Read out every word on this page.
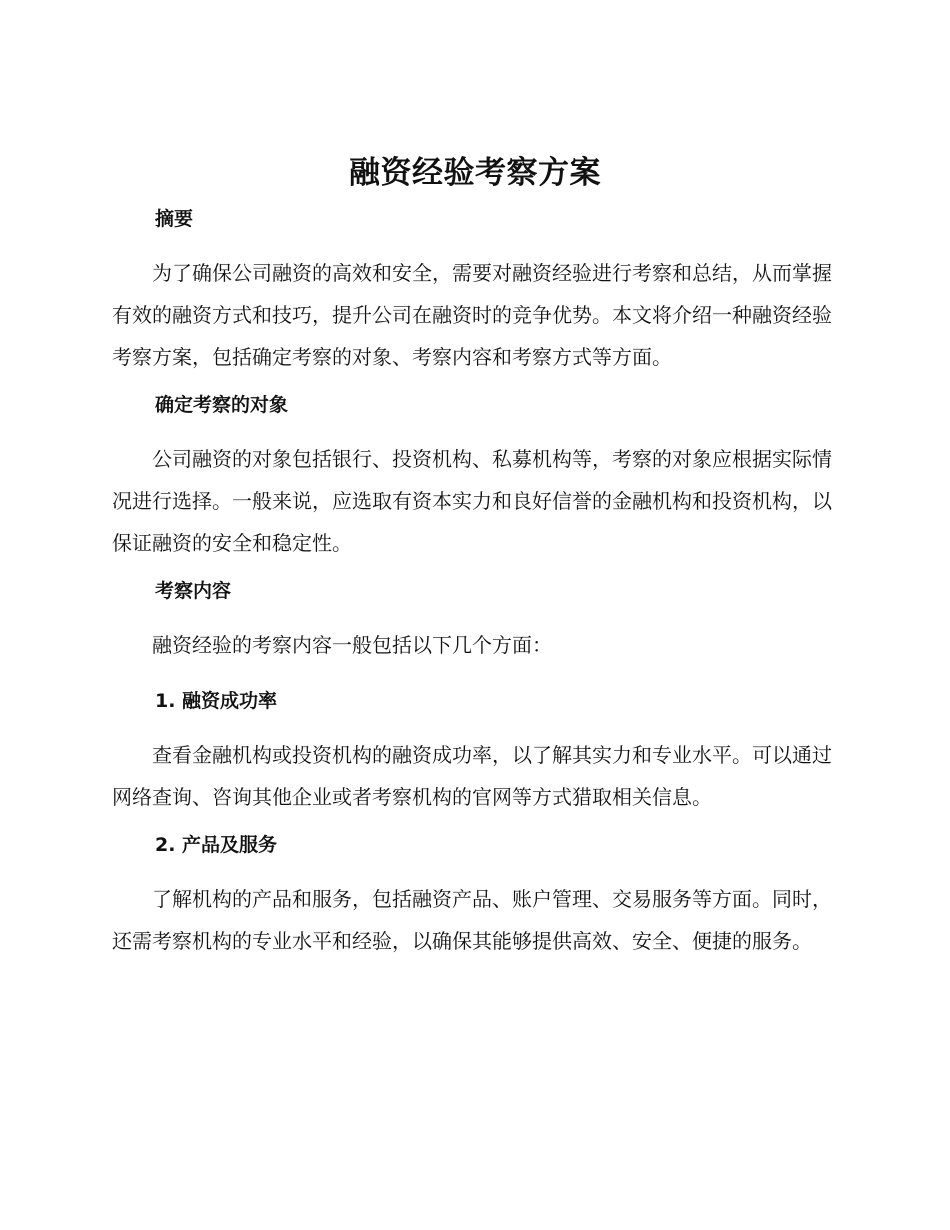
融资经验考察方案
摘要

为了确保公司融资的高效和安全，需要对融资经验进行考察和总结，从而掌握有效的融资方式和技巧，提升公司在融资时的竞争优势。本文将介绍一种融资经验考察方案，包括确定考察的对象、考察内容和考察方式等方面。

确定考察的对象

公司融资的对象包括银行、投资机构、私募机构等，考察的对象应根据实际情况进行选择。一般来说，应选取有资本实力和良好信誉的金融机构和投资机构，以保证融资的安全和稳定性。

考察内容

融资经验的考察内容一般包括以下几个方面：

1. 融资成功率

查看金融机构或投资机构的融资成功率，以了解其实力和专业水平。可以通过网络查询、咨询其他企业或者考察机构的官网等方式猎取相关信息。

2. 产品及服务

了解机构的产品和服务，包括融资产品、账户管理、交易服务等方面。同时，还需考察机构的专业水平和经验，以确保其能够提供高效、安全、便捷的服务。
